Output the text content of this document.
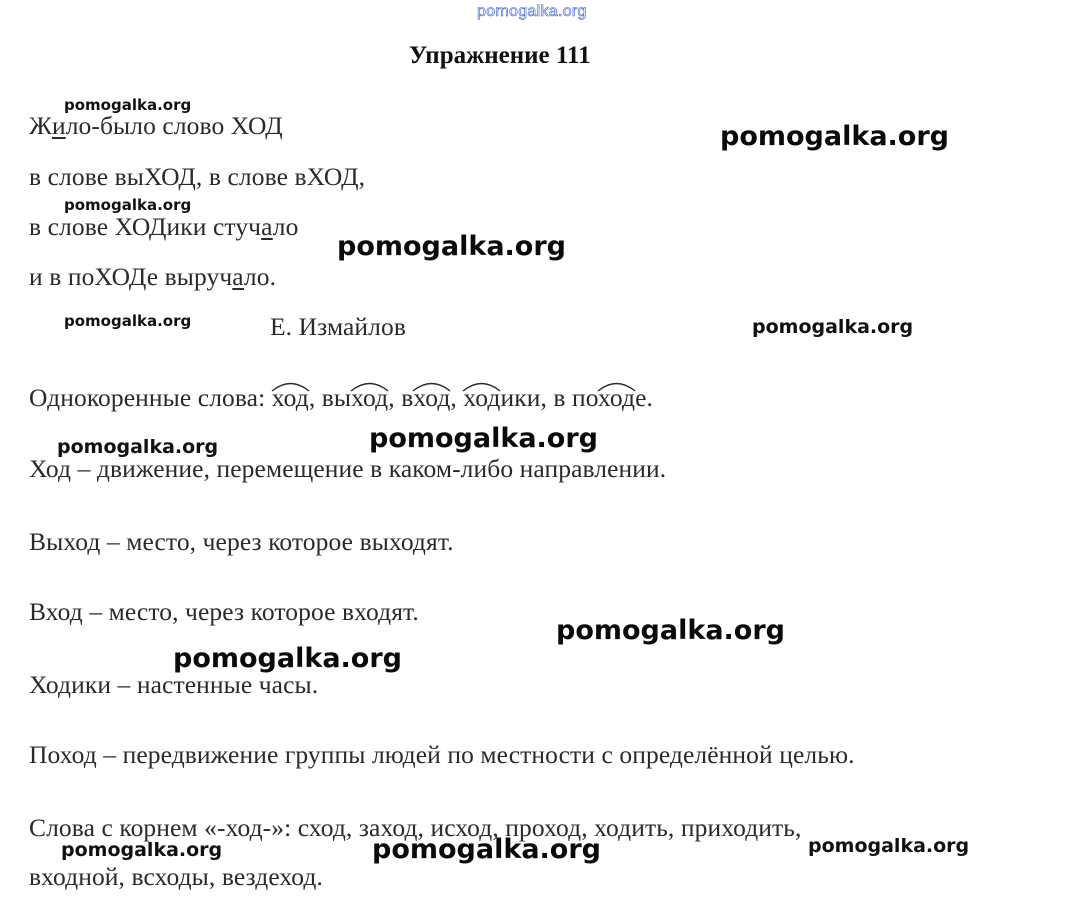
pomogalka.org
Упражнение 111
Жило-было слово ХОД
в слове выХОД, в слове вХОД,
в слове ХОДики стучало
и в поХОДе выручало.
Е. Измайлов
Однокоренные слова: ход, выход, вход, ходики, в походе.
Ход – движение, перемещение в каком-либо направлении.
Выход – место, через которое выходят.
Вход – место, через которое входят.
Ходики – настенные часы.
Поход – передвижение группы людей по местности с определённой целью.
Слова с корнем «-ход-»: сход, заход, исход, проход, ходить, приходить,
входной, всходы, вездеход.
pomogalka.org
pomogalka.org
pomogalka.org
pomogalka.org
pomogalka.org	pomogalka.org
pomogalka.org	pomogalka.org
pomogalka.org
pomogalka.org
pomogalka.org	pomogalka.org	pomogalka.org
